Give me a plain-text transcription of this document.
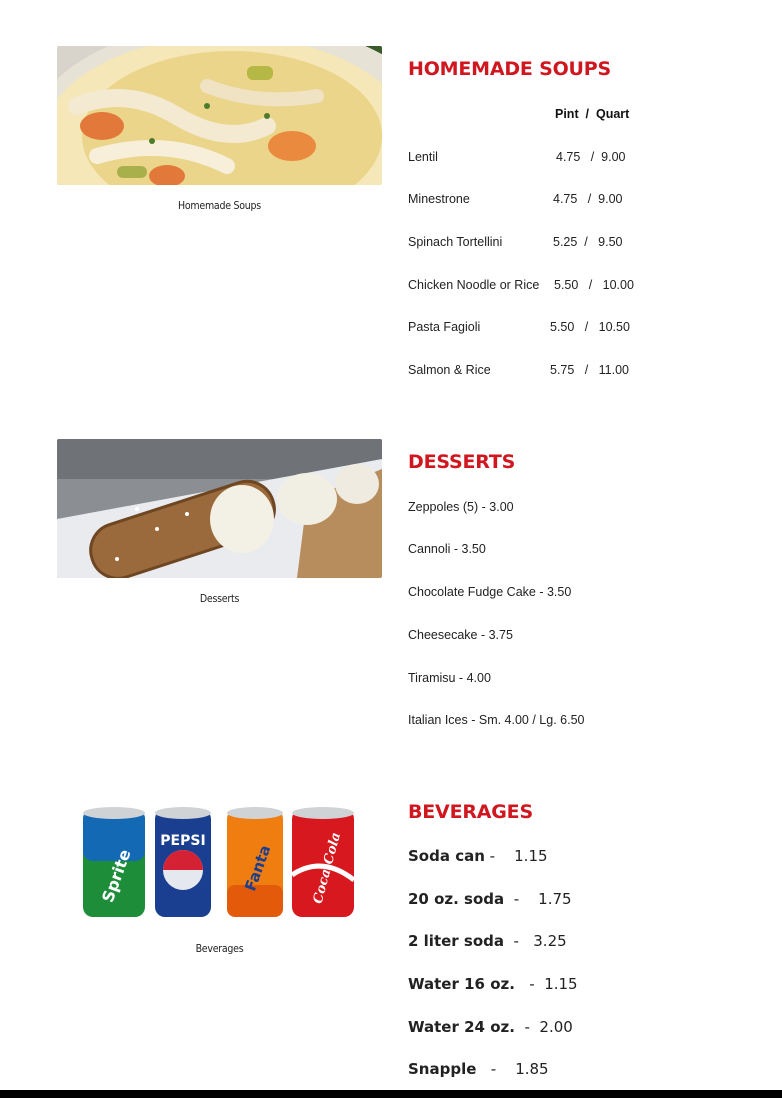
Homemade Soups
HOMEMADE SOUPS
Pint  /  Quart
Lentil	4.75   /  9.00
Minestrone	4.75   /  9.00
Spinach Tortellini	5.25  /   9.50
Chicken Noodle or Rice 5.50   /   10.00
Pasta Fagioli	5.50   /   10.50
Salmon & Rice	5.75   /   11.00
Desserts
DESSERTS
Zeppoles (5) - 3.00
Cannoli - 3.50
Chocolate Fudge Cake - 3.50
Cheesecake - 3.75
Tiramisu - 4.00
Italian Ices - Sm. 4.00 / Lg. 6.50
Sprite
PEPSI
Fanta	Coca-Cola
Beverages
BEVERAGES
Soda can -    1.15
20 oz. soda  -    1.75
2 liter soda  -   3.25
Water 16 oz.   -  1.15
Water 24 oz.  -  2.00
Snapple   -    1.85
